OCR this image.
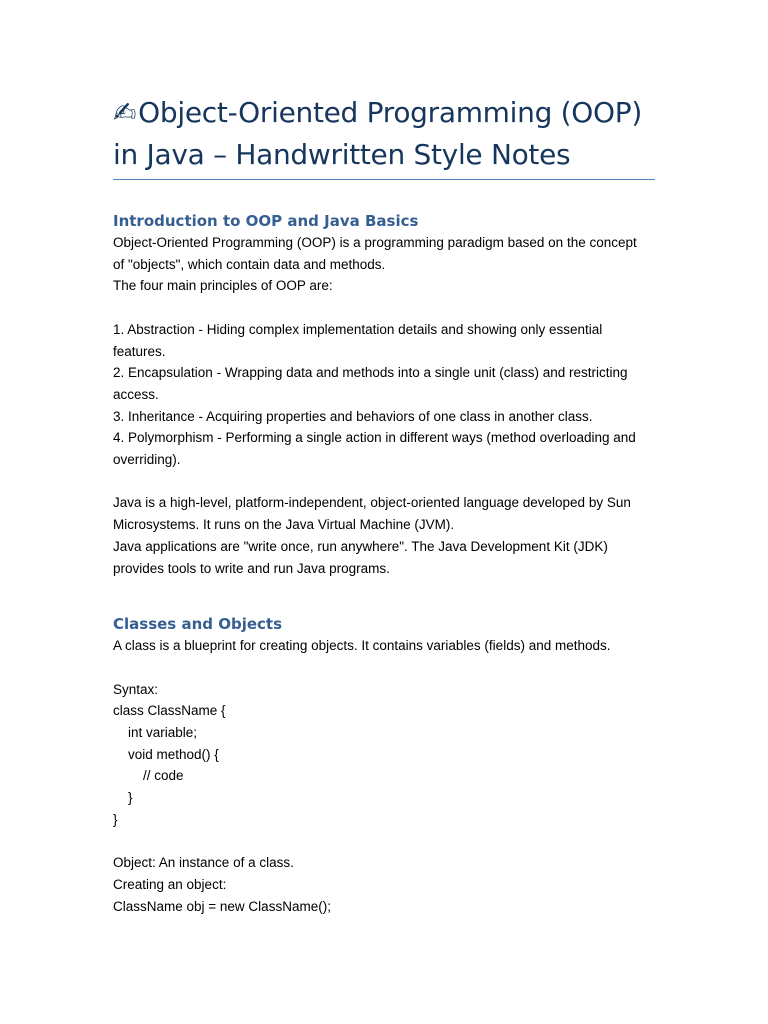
✍Object-Oriented Programming (OOP)
in Java – Handwritten Style Notes
Introduction to OOP and Java Basics

Object-Oriented Programming (OOP) is a programming paradigm based on the concept

of "objects", which contain data and methods.

The four main principles of OOP are:

1. Abstraction - Hiding complex implementation details and showing only essential

features.

2. Encapsulation - Wrapping data and methods into a single unit (class) and restricting

access.

3. Inheritance - Acquiring properties and behaviors of one class in another class.

4. Polymorphism - Performing a single action in different ways (method overloading and

overriding).

Java is a high-level, platform-independent, object-oriented language developed by Sun

Microsystems. It runs on the Java Virtual Machine (JVM).

Java applications are "write once, run anywhere". The Java Development Kit (JDK)

provides tools to write and run Java programs.

Classes and Objects

A class is a blueprint for creating objects. It contains variables (fields) and methods.

Syntax:

class ClassName {

int variable;

void method() {

// code

}

}

Object: An instance of a class.

Creating an object:

ClassName obj = new ClassName();
